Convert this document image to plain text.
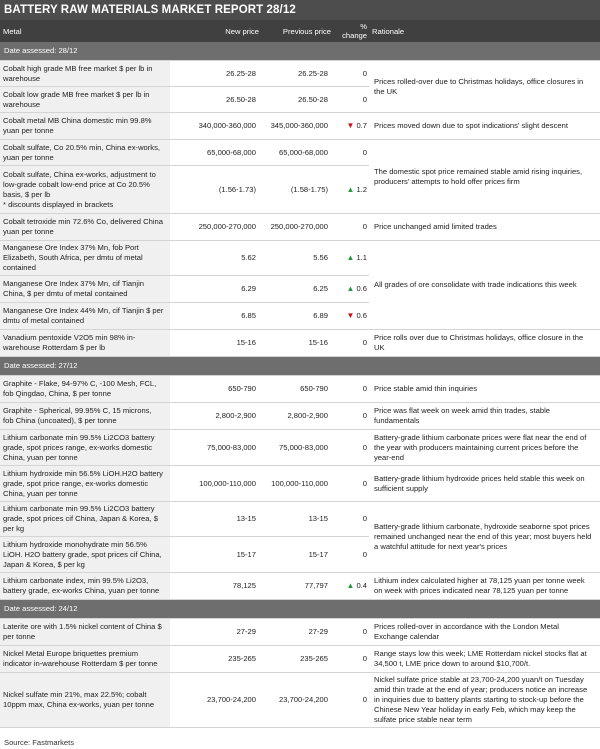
BATTERY RAW MATERIALS MARKET REPORT 28/12
Metal	New price	Previous price	% change	Rationale
Date assessed: 28/12				
Cobalt high grade MB free market $ per lb in warehouse	26.25-28	26.25-28	0	Prices rolled-over due to Christmas holidays, office closures in the UK
Cobalt low grade MB free market $ per lb in warehouse	26.50-28	26.50-28	0	
Cobalt metal MB China domestic min 99.8% yuan per tonne	340,000-360,000	345,000-360,000	▼ 0.7	Prices moved down due to spot indications' slight descent
Cobalt sulfate, Co 20.5% min, China ex-works, yuan per tonne	65,000-68,000	65,000-68,000	0	The domestic spot price remained stable amid rising inquiries, producers' attempts to hold offer prices firm

Cobalt sulfate, China ex-works, adjustment to low-grade cobalt low-end price at Co 20.5% basis, $ per lb
* discounts displayed in brackets	(1.56-1.73)	(1.58-1.75)	▲ 1.2	
Cobalt tetroxide min 72.6% Co, delivered China yuan per tonne	250,000-270,000	250,000-270,000	0	Price unchanged amid limited trades
Manganese Ore Index 37% Mn, fob Port Elizabeth, South Africa, per dmtu of metal contained	5.62	5.56	▲ 1.1	All grades of ore consolidate with trade indications this week
Manganese Ore Index 37% Mn, cif Tianjin China, $ per dmtu of metal contained	6.29	6.25	▲ 0.6	
Manganese Ore Index 44% Mn, cif Tianjin $ per dmtu of metal contained	6.85	6.89	▼ 0.6	
Vanadium pentoxide V2O5 min 98% in-warehouse Rotterdam $ per lb	15-16	15-16	0	Price rolls over due to Christmas holidays, office closure in the UK
Date assessed: 27/12				
Graphite - Flake, 94-97% C, -100 Mesh, FCL, fob Qingdao, China, $ per tonne	650-790	650-790	0	Price stable amid thin inquiries
Graphite - Spherical, 99.95% C, 15 microns, fob China (uncoated), $ per tonne	2,800-2,900	2,800-2,900	0	Price was flat week on week amid thin trades, stable fundamentals
Lithium carbonate min 99.5% Li2CO3 battery grade, spot prices range, ex-works domestic China, yuan per tonne	75,000-83,000	75,000-83,000	0	Battery-grade lithium carbonate prices were flat near the end of the year with producers maintaining current prices before the year-end
Lithium hydroxide min 56.5% LiOH.H2O battery grade, spot price range, ex-works domestic China, yuan per tonne	100,000-110,000	100,000-110,000	0	Battery-grade lithium hydroxide prices held stable this week on sufficient supply
Lithium carbonate min 99.5% Li2CO3 battery grade, spot prices cif China, Japan & Korea, $ per kg	13-15	13-15	0	Battery-grade lithium carbonate, hydroxide seaborne spot prices remained unchanged near the end of this year; most buyers held a watchful attitude for next year's prices
Lithium hydroxide monohydrate min 56.5% LiOH. H2O battery grade, spot prices cif China, Japan & Korea, $ per kg	15-17	15-17	0	
Lithium carbonate index, min 99.5% Li2O3, battery grade, ex-works China, yuan per tonne	78,125	77,797	▲ 0.4	Lithium index calculated higher at 78,125 yuan per tonne week on week with prices indicated near 78,125 yuan per tonne
Date assessed: 24/12				
Laterite ore with 1.5% nickel content of China $ per tonne	27-29	27-29	0	Prices rolled-over in accordance with the London Metal Exchange calendar
Nickel Metal Europe briquettes premium indicator in-warehouse Rotterdam $ per tonne	235-265	235-265	0	Range stays low this week; LME Rotterdam nickel stocks flat at 34,500 t, LME price down to around $10,700/t.
Nickel sulfate min 21%, max 22.5%; cobalt 10ppm max, China ex-works, yuan per tonne	23,700-24,200	23,700-24,200	0	Nickel sulfate price stable at 23,700-24,200 yuan/t on Tuesday amid thin trade at the end of year; producers notice an increase in inquiries due to battery plants starting to stock-up before the Chinese New Year holiday in early Feb, which may keep the sulfate price stable near term
Source: Fastmarkets
